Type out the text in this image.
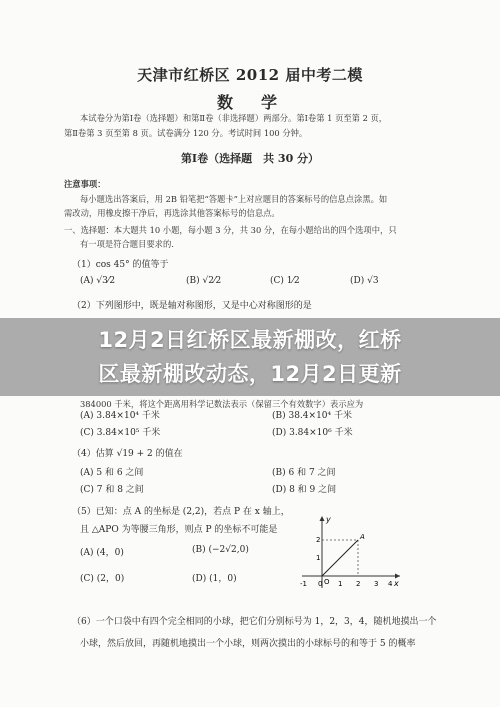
天津市红桥区 2012 届中考二模
数　学
本试卷分为第Ⅰ卷（选择题）和第Ⅱ卷（非选择题）两部分。第Ⅰ卷第 1 页至第 2 页，
第Ⅱ卷第 3 页至第 8 页。试卷满分 120 分。考试时间 100 分钟。
第Ⅰ卷（选择题　共 30 分）
注意事项：
每小题选出答案后，用 2B 铅笔把“答题卡”上对应题目的答案标号的信息点涂黑。如
需改动，用橡皮擦干净后，再选涂其他答案标号的信息点。
一、选择题：本大题共 10 小题，每小题 3 分，共 30 分，在每小题给出的四个选项中，只
有一项是符合题目要求的.
（1）cos 45° 的值等于
(A) √3⁄2	(B) √2⁄2	(C) 1⁄2	(D) √3
（2）下列图形中，既是轴对称图形，又是中心对称图形的是
384000 千米，将这个距离用科学记数法表示（保留三个有效数字）表示应为
(A) 3.84×10⁴ 千米	(B) 38.4×10⁴ 千米
(C) 3.84×10⁵ 千米	(D) 3.84×10⁶ 千米
（4）估算 √19 + 2 的值在
(A) 5 和 6 之间	(B) 6 和 7 之间
(C) 7 和 8 之间	(D) 8 和 9 之间
（5）已知：点 A 的坐标是 (2,2)，若点 P 在 x 轴上，
且 △APO 为等腰三角形，则点 P 的坐标不可能是
(A) (4，0)	(B) (−2√2,0)
(C) (2，0)	(D) (1，0)
y
x
O
A
2
1
-1 0 1 2 3 4
（6）一个口袋中有四个完全相同的小球，把它们分别标号为 1，2，3，4，随机地摸出一个
小球，然后放回，再随机地摸出一个小球，则两次摸出的小球标号的和等于 5 的概率
12月2日红桥区最新棚改，红桥
区最新棚改动态，12月2日更新
